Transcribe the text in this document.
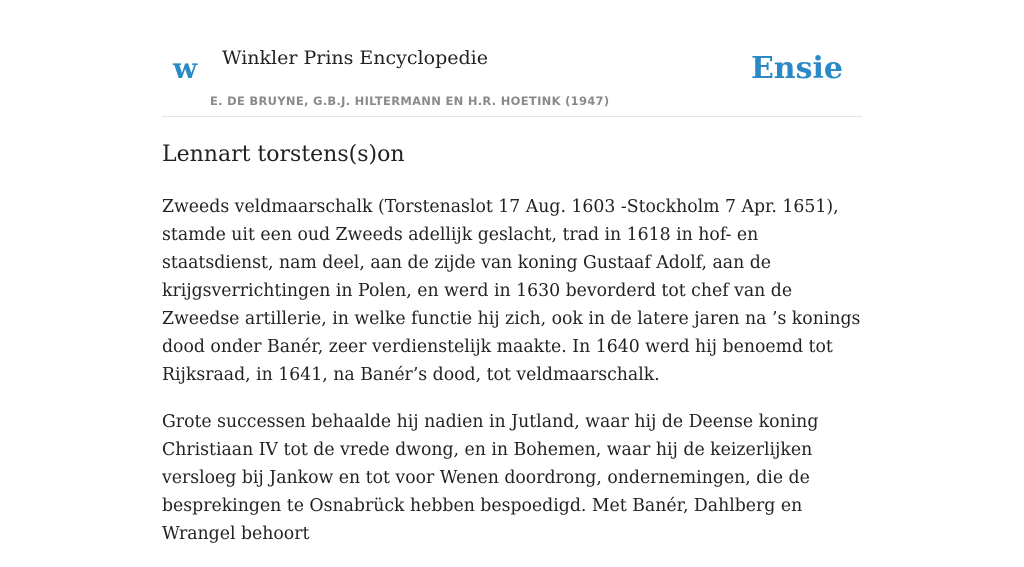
w Winkler Prins Encyclopedie
E. DE BRUYNE, G.B.J. HILTERMANN EN H.R. HOETINK (1947)
Ensie
Lennart torstens(s)on

Zweeds veldmaarschalk (Torstenaslot 17 Aug. 1603 -Stockholm 7 Apr. 1651), stamde uit een oud Zweeds adellijk geslacht, trad in 1618 in hof- en staatsdienst, nam deel, aan de zijde van koning Gustaaf Adolf, aan de krijgsverrichtingen in Polen, en werd in 1630 bevorderd tot chef van de Zweedse artillerie, in welke functie hij zich, ook in de latere jaren na ’s konings dood onder Banér, zeer verdienstelijk maakte. In 1640 werd hij benoemd tot Rijksraad, in 1641, na Banér’s dood, tot veldmaarschalk.

Grote successen behaalde hij nadien in Jutland, waar hij de Deense koning Christiaan IV tot de vrede dwong, en in Bohemen, waar hij de keizerlijken versloeg bij Jankow en tot voor Wenen doordrong, ondernemingen, die de besprekingen te Osnabrück hebben bespoedigd. Met Banér, Dahlberg en Wrangel behoort
